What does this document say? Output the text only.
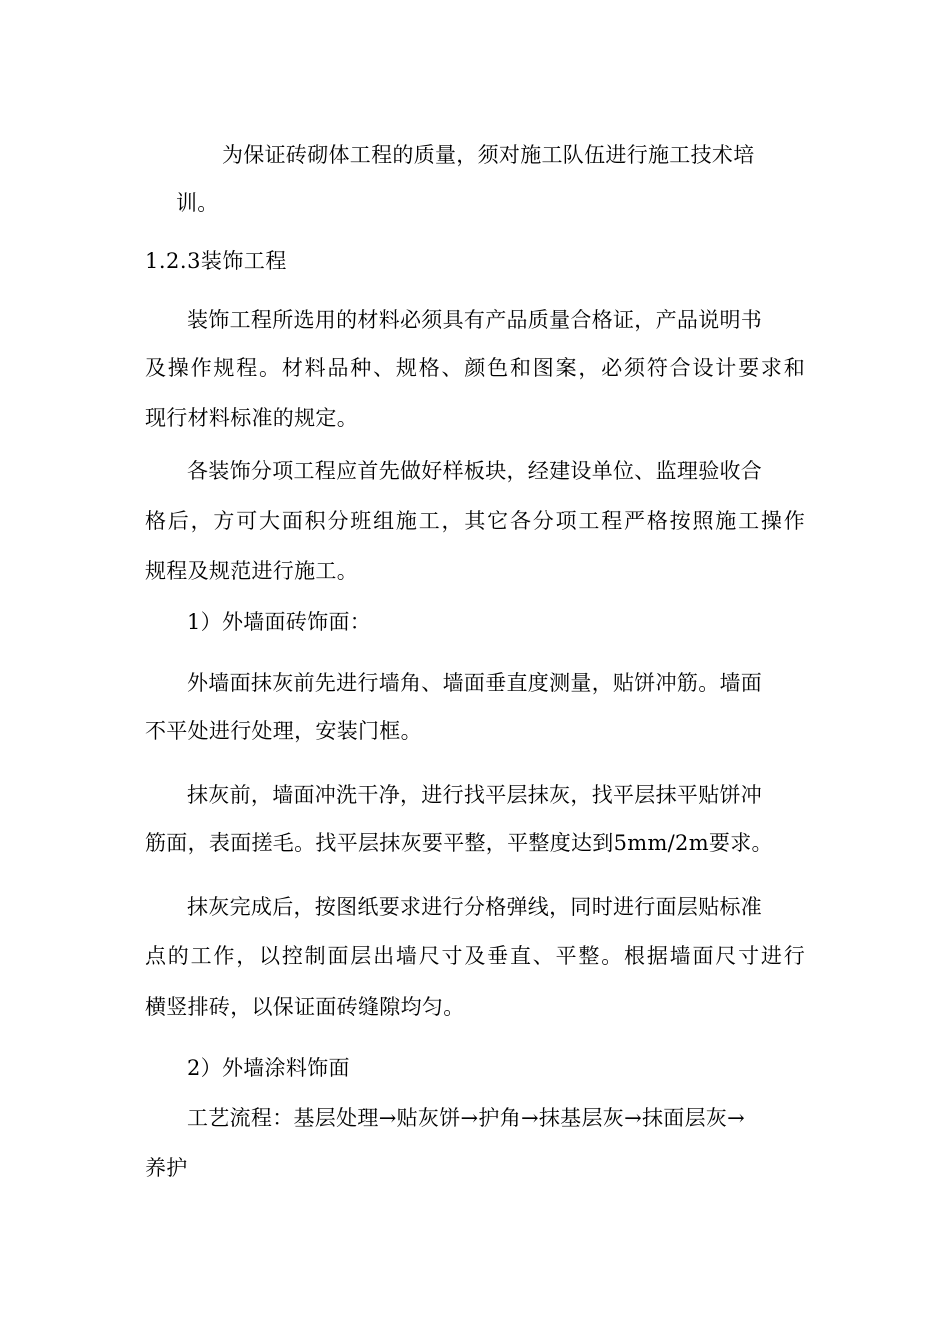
为保证砖砌体工程的质量，须对施工队伍进行施工技术培
训。
1.2.3装饰工程
装饰工程所选用的材料必须具有产品质量合格证，产品说明书
及操作规程。材料品种、规格、颜色和图案，必须符合设计要求和
现行材料标准的规定。
各装饰分项工程应首先做好样板块，经建设单位、监理验收合
格后，方可大面积分班组施工，其它各分项工程严格按照施工操作
规程及规范进行施工。
1）外墙面砖饰面：
外墙面抹灰前先进行墙角、墙面垂直度测量，贴饼冲筋。墙面
不平处进行处理，安装门框。
抹灰前，墙面冲洗干净，进行找平层抹灰，找平层抹平贴饼冲
筋面，表面搓毛。找平层抹灰要平整，平整度达到5mm/2m要求。
抹灰完成后，按图纸要求进行分格弹线，同时进行面层贴标准
点的工作，以控制面层出墙尺寸及垂直、平整。根据墙面尺寸进行
横竖排砖，以保证面砖缝隙均匀。
2）外墙涂料饰面
工艺流程：基层处理→贴灰饼→护角→抹基层灰→抹面层灰→
养护
